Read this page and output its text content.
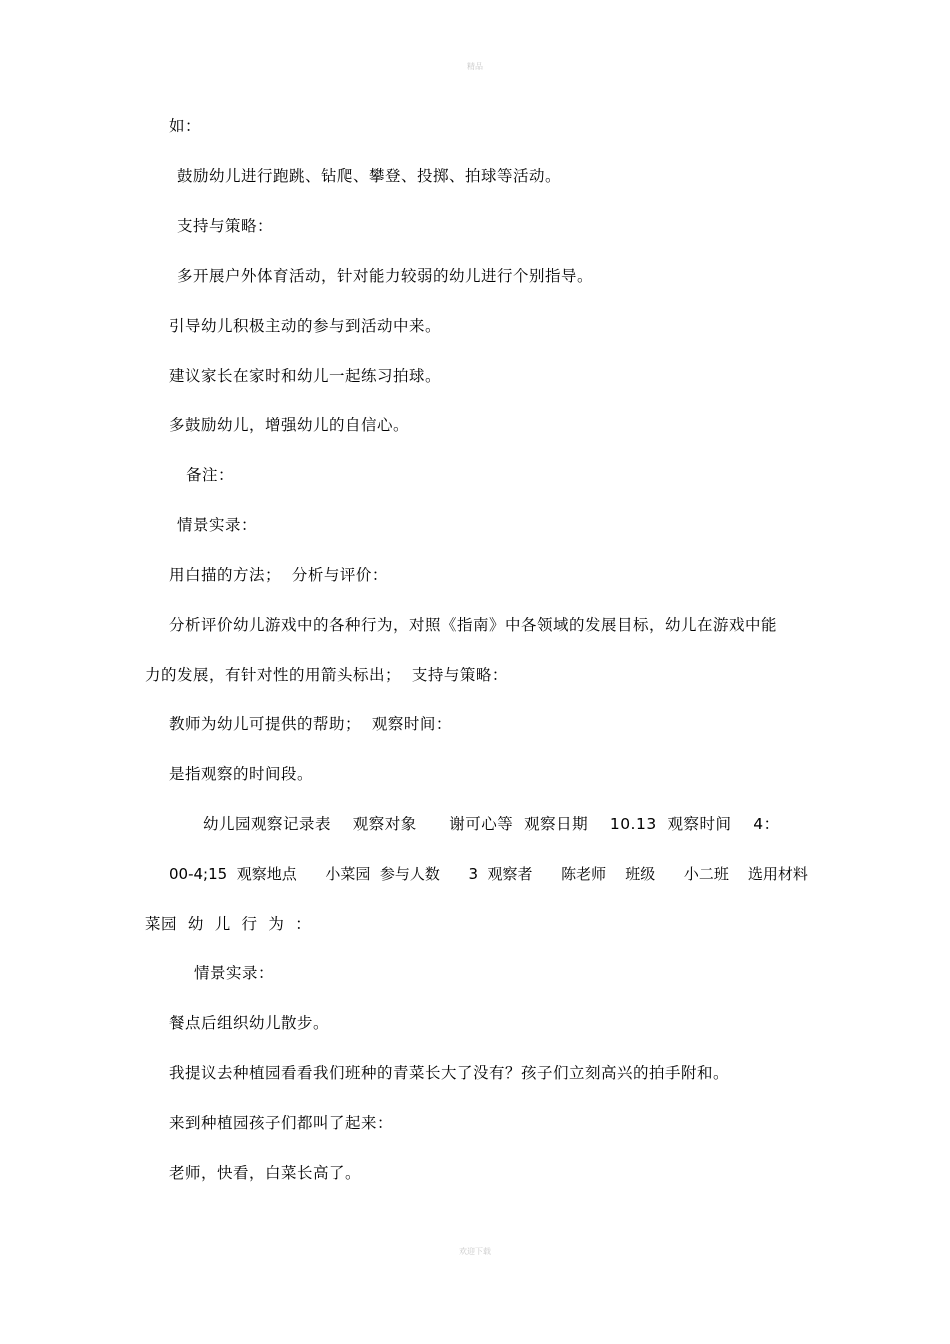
精品
如：
鼓励幼儿进行跑跳、钻爬、攀登、投掷、拍球等活动。
支持与策略：
多开展户外体育活动，针对能力较弱的幼儿进行个别指导。
引导幼儿积极主动的参与到活动中来。
建议家长在家时和幼儿一起练习拍球。
多鼓励幼儿，增强幼儿的自信心。
备注：
情景实录：
用白描的方法；  分析与评价：
分析评价幼儿游戏中的各种行为，对照《指南》中各领域的发展目标，幼儿在游戏中能
力的发展，有针对性的用箭头标出；  支持与策略：
教师为幼儿可提供的帮助；  观察时间：
是指观察的时间段。
幼儿园观察记录表    观察对象      谢可心等  观察日期    10.13  观察时间    4：
00-4;15  观察地点      小菜园  参与人数      3  观察者      陈老师    班级      小二班    选用材料
菜园  幼  儿  行  为  ：
情景实录：
餐点后组织幼儿散步。
我提议去种植园看看我们班种的青菜长大了没有？孩子们立刻高兴的拍手附和。
来到种植园孩子们都叫了起来：
老师，快看，白菜长高了。
欢迎下载
